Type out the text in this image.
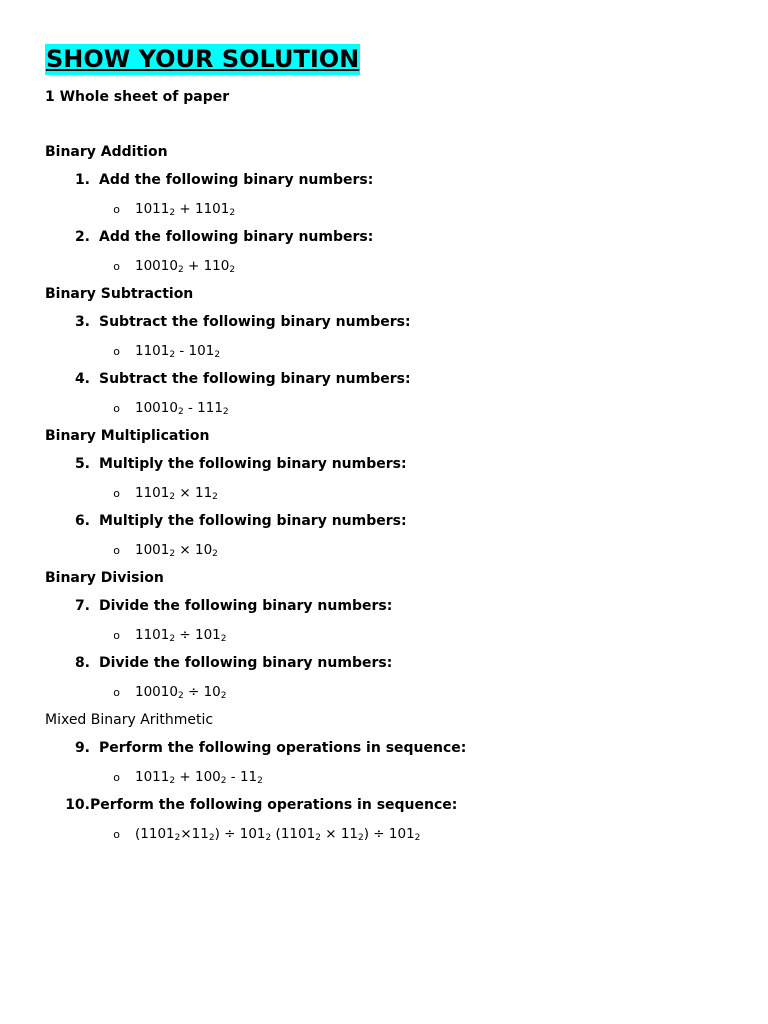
SHOW YOUR SOLUTION
1 Whole sheet of paper
Binary Addition
1. Add the following binary numbers:
o	$1011_2 + 1101_2$
2. Add the following binary numbers:
o	$10010_2 + 110_2$
Binary Subtraction
3. Subtract the following binary numbers:
o	$1101_2 - 101_2$
4. Subtract the following binary numbers:
o	$10010_2 - 111_2$
Binary Multiplication
5. Multiply the following binary numbers:
o	$1101_2 \times 11_2$
6. Multiply the following binary numbers:
o	$1001_2 \times 10_2$
Binary Division
7. Divide the following binary numbers:
o	$1101_2 \div 101_2$
8. Divide the following binary numbers:
o	$10010_2 \div 10_2$
Mixed Binary Arithmetic
9. Perform the following operations in sequence:
o	$1011_2 + 100_2 - 11_2$
10. Perform the following operations in sequence:
o	$(1101_2\times 11_2) \div 101_2$ $(1101_2 \times 11_2) \div 101_2$
